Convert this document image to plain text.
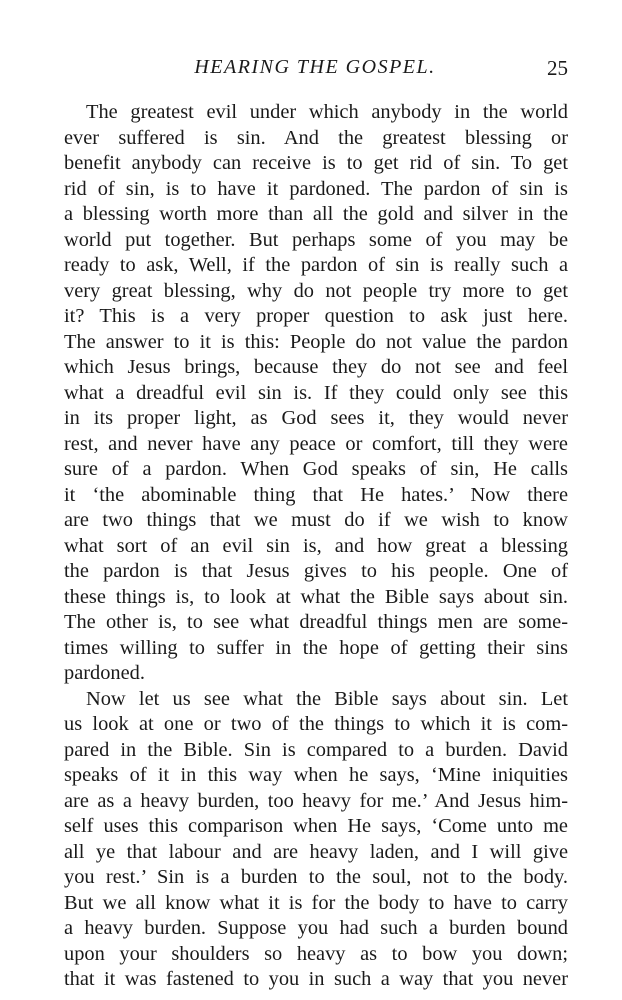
HEARING THE GOSPEL.	25
The greatest evil under which anybody in the world
ever suffered is sin. And the greatest blessing or
benefit anybody can receive is to get rid of sin. To get
rid of sin, is to have it pardoned. The pardon of sin is
a blessing worth more than all the gold and silver in the
world put together. But perhaps some of you may be
ready to ask, Well, if the pardon of sin is really such a
very great blessing, why do not people try more to get
it? This is a very proper question to ask just here.
The answer to it is this: People do not value the pardon
which Jesus brings, because they do not see and feel
what a dreadful evil sin is. If they could only see this
in its proper light, as God sees it, they would never
rest, and never have any peace or comfort, till they were
sure of a pardon. When God speaks of sin, He calls
it ‘the abominable thing that He hates.’ Now there
are two things that we must do if we wish to know
what sort of an evil sin is, and how great a blessing
the pardon is that Jesus gives to his people. One of
these things is, to look at what the Bible says about sin.
The other is, to see what dreadful things men are some-
times willing to suffer in the hope of getting their sins
pardoned.
Now let us see what the Bible says about sin. Let
us look at one or two of the things to which it is com-
pared in the Bible. Sin is compared to a burden. David
speaks of it in this way when he says, ‘Mine iniquities
are as a heavy burden, too heavy for me.’ And Jesus him-
self uses this comparison when He says, ‘Come unto me
all ye that labour and are heavy laden, and I will give
you rest.’ Sin is a burden to the soul, not to the body.
But we all know what it is for the body to have to carry
a heavy burden. Suppose you had such a burden bound
upon your shoulders so heavy as to bow you down;
that it was fastened to you in such a way that you never
